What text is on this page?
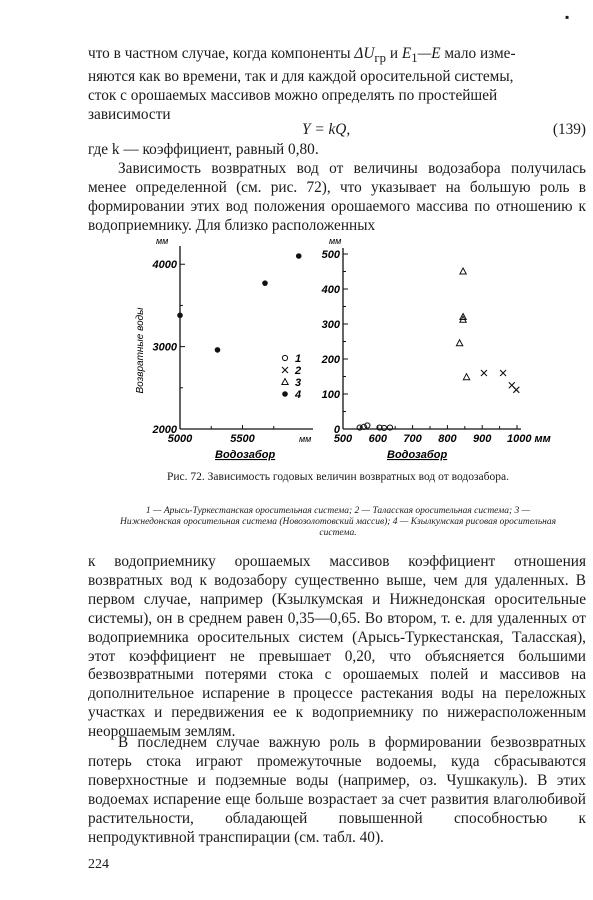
▪
что в частном случае, когда компоненты $\Delta U_{гр}$ и $E_1—E$ мало изме-
няются как во времени, так и для каждой оросительной системы,
сток с орошаемых массивов можно определять по простейшей
зависимости
Y = kQ,	(139)
где k — коэффициент, равный 0,80.
Зависимость возвратных вод от величины водозабора получилась менее определенной (см. рис. 72), что указывает на большую роль в формировании этих вод положения орошаемого массива по отношению к водоприемнику. Для близко расположенных
4000
3000
2000
мм
5000	5500	мм
Водозабор
Возвратные воды	1
2
3
4
500
400
300
200
100
0
мм
500 600 700 800 900 1000 мм
Водозабор
Рис. 72. Зависимость годовых величин возвратных вод от водозабора.
1 — Арысь-Туркестанская оросительная система; 2 — Таласская оросительная система; 3 — Нижнедонская оросительная система (Новозолотовский массив); 4 — Кзылкумская рисовая оросительная система.
к водоприемнику орошаемых массивов коэффициент отношения возвратных вод к водозабору существенно выше, чем для удаленных. В первом случае, например (Кзылкумская и Нижнедонская оросительные системы), он в среднем равен 0,35—0,65. Во втором, т. е. для удаленных от водоприемника оросительных систем (Арысь-Туркестанская, Таласская), этот коэффициент не превышает 0,20, что объясняется большими безвозвратными потерями стока с орошаемых полей и массивов на дополнительное испарение в процессе растекания воды на переложных участках и передвижения ее к водоприемнику по нижерасположенным неорошаемым землям.
В последнем случае важную роль в формировании безвозвратных потерь стока играют промежуточные водоемы, куда сбрасываются поверхностные и подземные воды (например, оз. Чушкакуль). В этих водоемах испарение еще больше возрастает за счет развития влаголюбивой растительности, обладающей повышенной способностью к непродуктивной транспирации (см. табл. 40).
224
